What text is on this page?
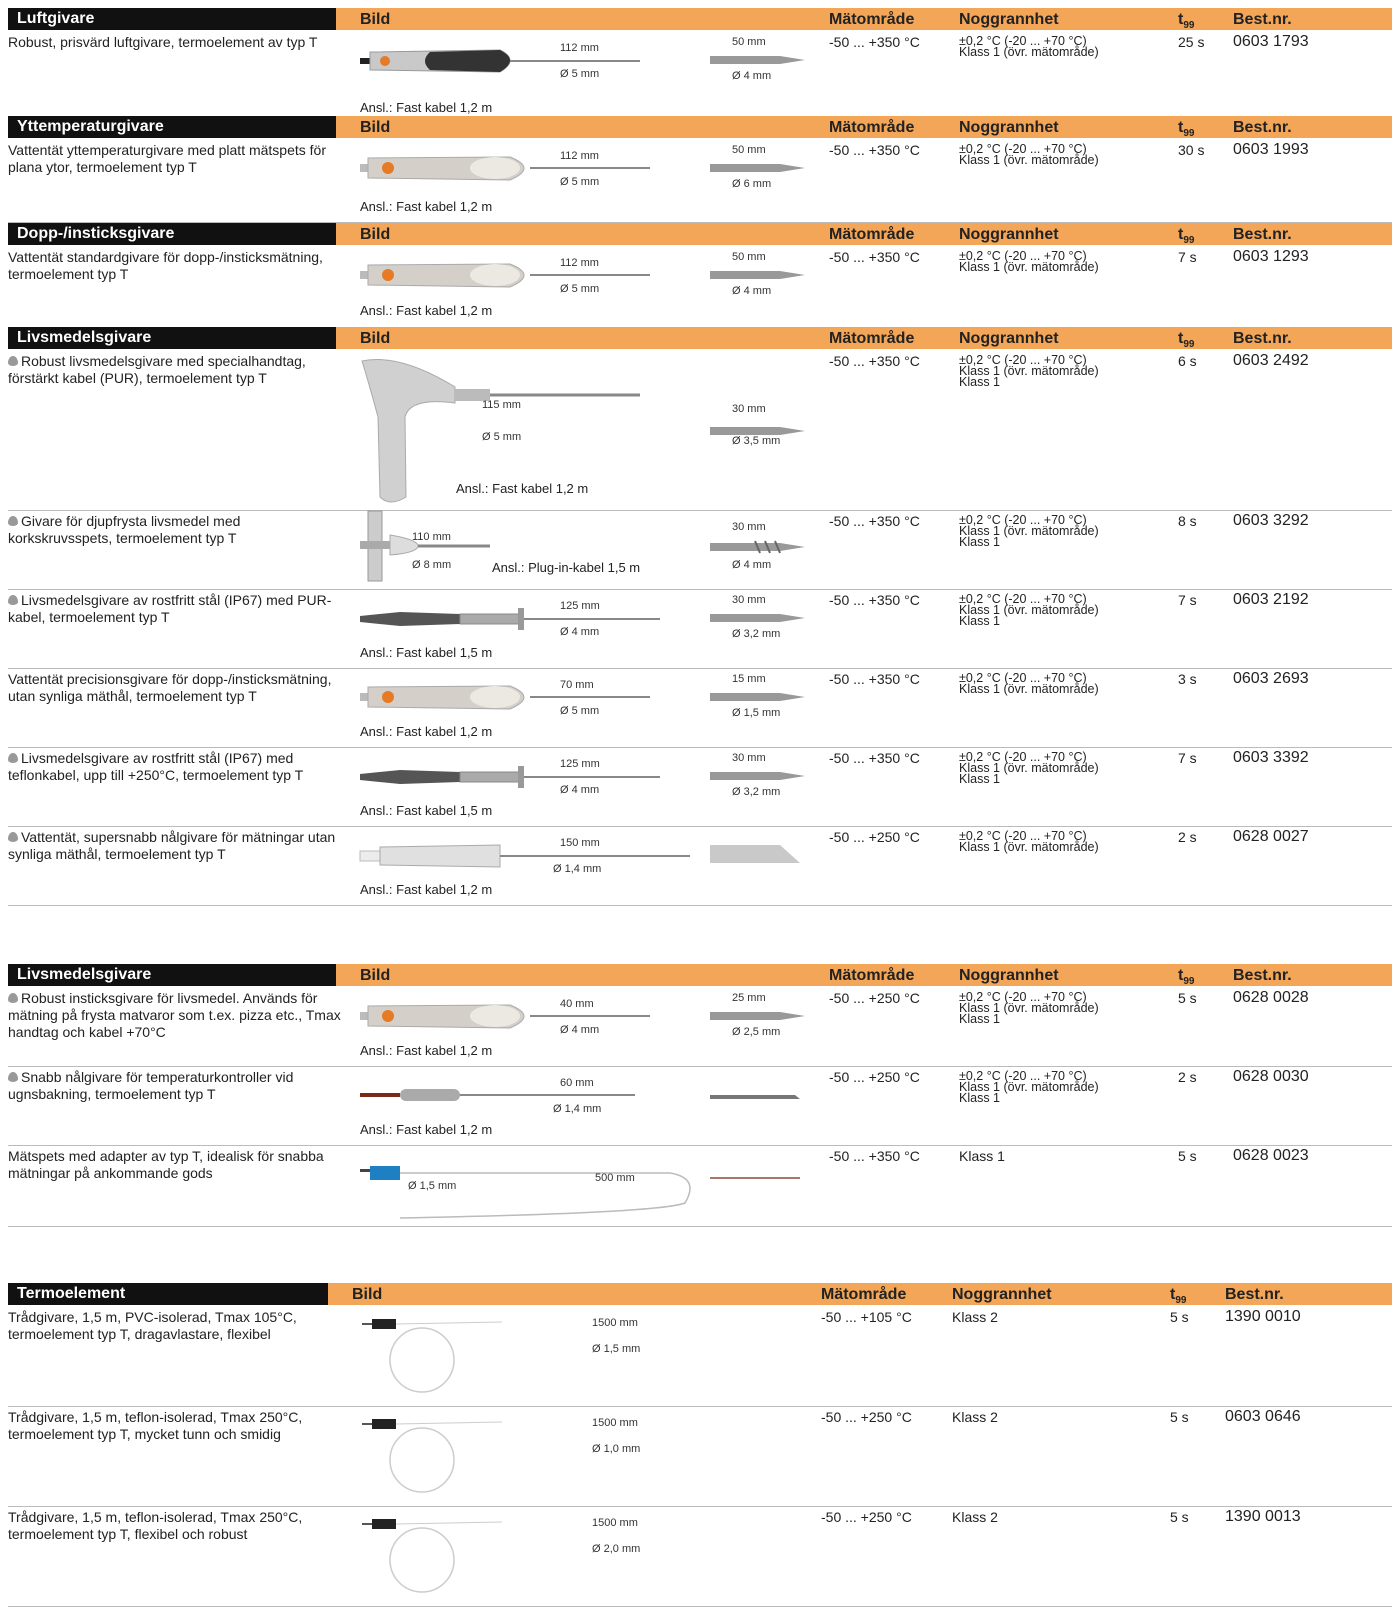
Luftgivare	Bild	Mätområde	Noggrannhet	$t_{99}$ Best.nr.
Robust, prisvärd luftgivare, termoelement av typ T	112 mm
Ø 5 mm
50 mm
Ø 4 mm
Ansl.: Fast kabel 1,2 m
-50 ... +350 °C	±0,2 °C (-20 ... +70 °C)
Klass 1 (övr. mätområde)
25 s 0603 1793
Yttemperaturgivare	Bild	Mätområde	Noggrannhet	$t_{99}$ Best.nr.
Vattentät yttemperaturgivare med platt mätspets för plana ytor, termoelement typ T
112 mm
Ø 5 mm
50 mm
Ø 6 mm
Ansl.: Fast kabel 1,2 m
-50 ... +350 °C	±0,2 °C (-20 ... +70 °C)
Klass 1 (övr. mätområde)
30 s 0603 1993
Dopp-/insticksgivare	Bild	Mätområde	Noggrannhet	$t_{99}$ Best.nr.
Vattentät standardgivare för dopp-/insticksmätning, termoelement typ T
112 mm
Ø 5 mm
50 mm
Ø 4 mm
Ansl.: Fast kabel 1,2 m
-50 ... +350 °C	±0,2 °C (-20 ... +70 °C)
Klass 1 (övr. mätområde)
7 s 0603 1293
Livsmedelsgivare	Bild	Mätområde	Noggrannhet	$t_{99}$ Best.nr.
Robust livsmedelsgivare med specialhandtag, förstärkt kabel (PUR), termoelement typ T
115 mm
Ø 5 mm
30 mm
Ø 3,5 mm
Ansl.: Fast kabel 1,2 m
-50 ... +350 °C	±0,2 °C (-20 ... +70 °C)
Klass 1 (övr. mätområde)
Klass 1
6 s 0603 2492
Givare för djupfrysta livsmedel med korkskruvsspets, termoelement typ T	110 mm
Ø 8 mm
30 mm
Ø 4 mm
Ansl.: Plug-in-kabel 1,5 m
-50 ... +350 °C	±0,2 °C (-20 ... +70 °C)
Klass 1 (övr. mätområde)
Klass 1
8 s 0603 3292
Livsmedelsgivare av rostfritt stål (IP67) med PUR-kabel, termoelement typ T
125 mm
Ø 4 mm
30 mm
Ø 3,2 mm
Ansl.: Fast kabel 1,5 m
-50 ... +350 °C	±0,2 °C (-20 ... +70 °C)
Klass 1 (övr. mätområde)
Klass 1
7 s 0603 2192
Vattentät precisionsgivare för dopp-/insticksmätning, utan synliga mäthål, termoelement typ T
70 mm
Ø 5 mm
15 mm
Ø 1,5 mm
Ansl.: Fast kabel 1,2 m
-50 ... +350 °C	±0,2 °C (-20 ... +70 °C)
Klass 1 (övr. mätområde)
3 s 0603 2693
Livsmedelsgivare av rostfritt stål (IP67) med teflonkabel, upp till +250°C, termoelement typ T
125 mm
Ø 4 mm
30 mm
Ø 3,2 mm
Ansl.: Fast kabel 1,5 m
-50 ... +350 °C	±0,2 °C (-20 ... +70 °C)
Klass 1 (övr. mätområde)
Klass 1
7 s 0603 3392
Vattentät, supersnabb nålgivare för mätningar utan synliga mäthål, termoelement typ T
150 mm
Ø 1,4 mm
Ansl.: Fast kabel 1,2 m
-50 ... +250 °C	±0,2 °C (-20 ... +70 °C)
Klass 1 (övr. mätområde)
2 s 0628 0027
Livsmedelsgivare	Bild	Mätområde	Noggrannhet	$t_{99}$ Best.nr.
Robust insticksgivare för livsmedel. Används för mätning på frysta matvaror som t.ex. pizza etc., Tmax handtag och kabel +70°C
40 mm
Ø 4 mm
25 mm
Ø 2,5 mm
Ansl.: Fast kabel 1,2 m
-50 ... +250 °C	±0,2 °C (-20 ... +70 °C)
Klass 1 (övr. mätområde)
Klass 1
5 s 0628 0028
Snabb nålgivare för temperaturkontroller vid ugnsbakning, termoelement typ T
60 mm
Ø 1,4 mm
Ansl.: Fast kabel 1,2 m
-50 ... +250 °C	±0,2 °C (-20 ... +70 °C)
Klass 1 (övr. mätområde)
Klass 1
2 s 0628 0030
Mätspets med adapter av typ T, idealisk för snabba mätningar på ankommande gods	500 mm
Ø 1,5 mm
-50 ... +350 °C	Klass 1	5 s 0628 0023
Termoelement	Bild	Mätområde	Noggrannhet	$t_{99}$ Best.nr.
Trådgivare, 1,5 m, PVC-isolerad, Tmax 105°C, termoelement typ T, dragavlastare, flexibel
1500 mm
Ø 1,5 mm
-50 ... +105 °C	Klass 2	5 s 1390 0010
Trådgivare, 1,5 m, teflon-isolerad, Tmax 250°C, termoelement typ T, mycket tunn och smidig
1500 mm
Ø 1,0 mm
-50 ... +250 °C	Klass 2	5 s 0603 0646
Trådgivare, 1,5 m, teflon-isolerad, Tmax 250°C, termoelement typ T, flexibel och robust
1500 mm
Ø 2,0 mm
-50 ... +250 °C	Klass 2	5 s 1390 0013
